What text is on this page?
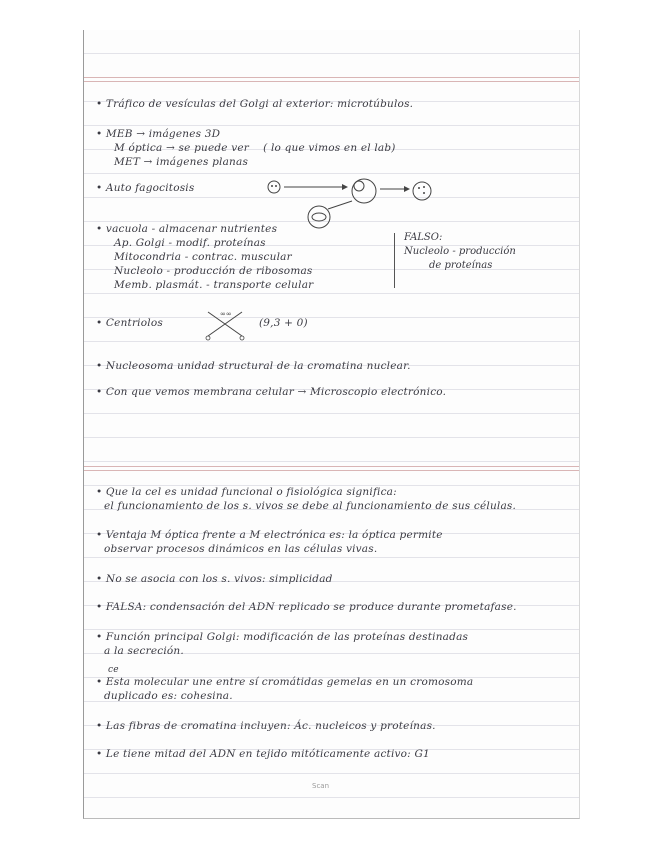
• Tráfico de vesículas del Golgi al exterior: microtúbulos.
• MEB → imágenes 3D
M óptica → se puede ver    ( lo que vimos en el lab)
MET → imágenes planas
• Auto fagocitosis
• vacuola - almacenar nutrientes
Ap. Golgi - modif. proteínas
Mitocondria - contrac. muscular
Nucleolo - producción de ribosomas
Memb. plasmát. - transporte celular
FALSO:
Nucleolo - producción
de proteínas
• Centriolos
∞∞
(9,3 + 0)
• Nucleosoma unidad structural de la cromatina nuclear.
• Con que vemos membrana celular → Microscopio electrónico.
• Que la cel es unidad funcional o fisiológica significa:
el funcionamiento de los s. vivos se debe al funcionamiento de sus células.
• Ventaja M óptica frente a M electrónica es: la óptica permite
observar procesos dinámicos en las células vivas.
• No se asocia con los s. vivos: simplicidad
• FALSA: condensación del ADN replicado se produce durante prometafase.
• Función principal Golgi: modificación de las proteínas destinadas
a la secreción.
ce
• Esta molecular une entre sí cromátidas gemelas en un cromosoma
duplicado es: cohesina.
• Las fibras de cromatina incluyen: Ác. nucleicos y proteínas.
• Le tiene mitad del ADN en tejido mitóticamente activo: G1
Scan
